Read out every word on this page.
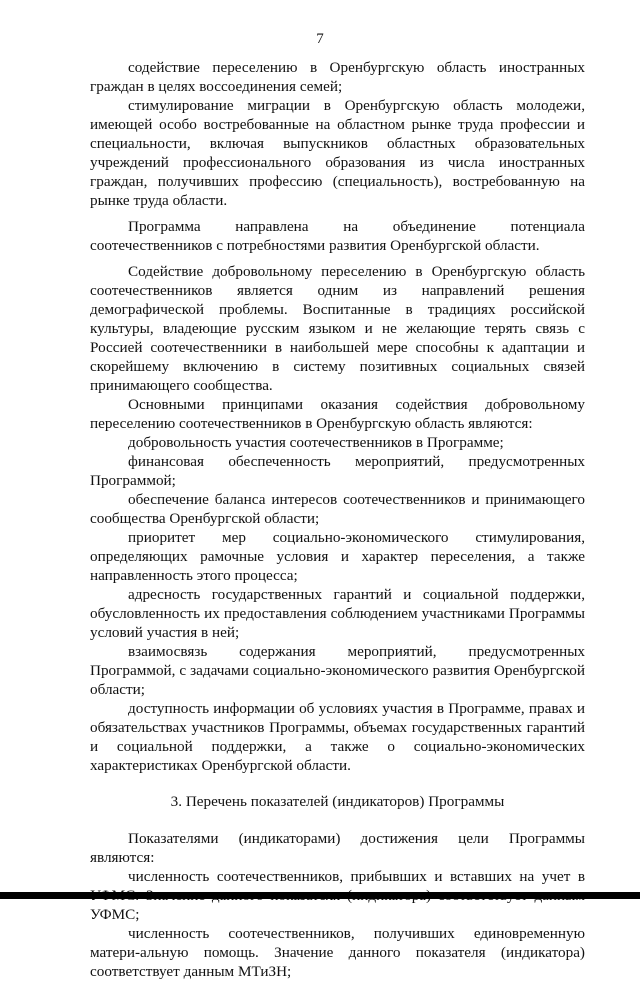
7

содействие переселению в Оренбургскую область иностранных граждан в целях воссоединения семей;

стимулирование миграции в Оренбургскую область молодежи, имеющей особо востребованные на областном рынке труда профессии и специальности, включая выпускников областных образовательных учреждений профессионального образования из числа иностранных граждан, получивших профессию (специальность), востребованную на рынке труда области.

Программа направлена на объединение потенциала соотечественников с потребностями развития Оренбургской области.

Содействие добровольному переселению в Оренбургскую область соотечественников является одним из направлений решения демографической проблемы. Воспитанные в традициях российской культуры, владеющие русским языком и не желающие терять связь с Россией соотечественники в наибольшей мере способны к адаптации и скорейшему включению в систему позитивных социальных связей принимающего сообщества.

Основными принципами оказания содействия добровольному переселению соотечественников в Оренбургскую область являются:

добровольность участия соотечественников в Программе;

финансовая обеспеченность мероприятий, предусмотренных Программой;

обеспечение баланса интересов соотечественников и принимающего сообщества Оренбургской области;

приоритет мер социально-экономического стимулирования, определяющих рамочные условия и характер переселения, а также направленность этого процесса;

адресность государственных гарантий и социальной поддержки, обусловленность их предоставления соблюдением участниками Программы условий участия в ней;

взаимосвязь содержания мероприятий, предусмотренных Программой, с задачами социально-экономического развития Оренбургской области;

доступность информации об условиях участия в Программе, правах и обязательствах участников Программы, объемах государственных гарантий и социальной поддержки, а также о социально-экономических характеристиках Оренбургской области.

3. Перечень показателей (индикаторов) Программы

Показателями (индикаторами) достижения цели Программы являются:

численность соотечественников, прибывших и вставших на учет в УФМС;

численность соотечественников, получивших единовременную матери-альную помощь. Значение данного показателя (индикатора) соответствует данным МТиЗН;
